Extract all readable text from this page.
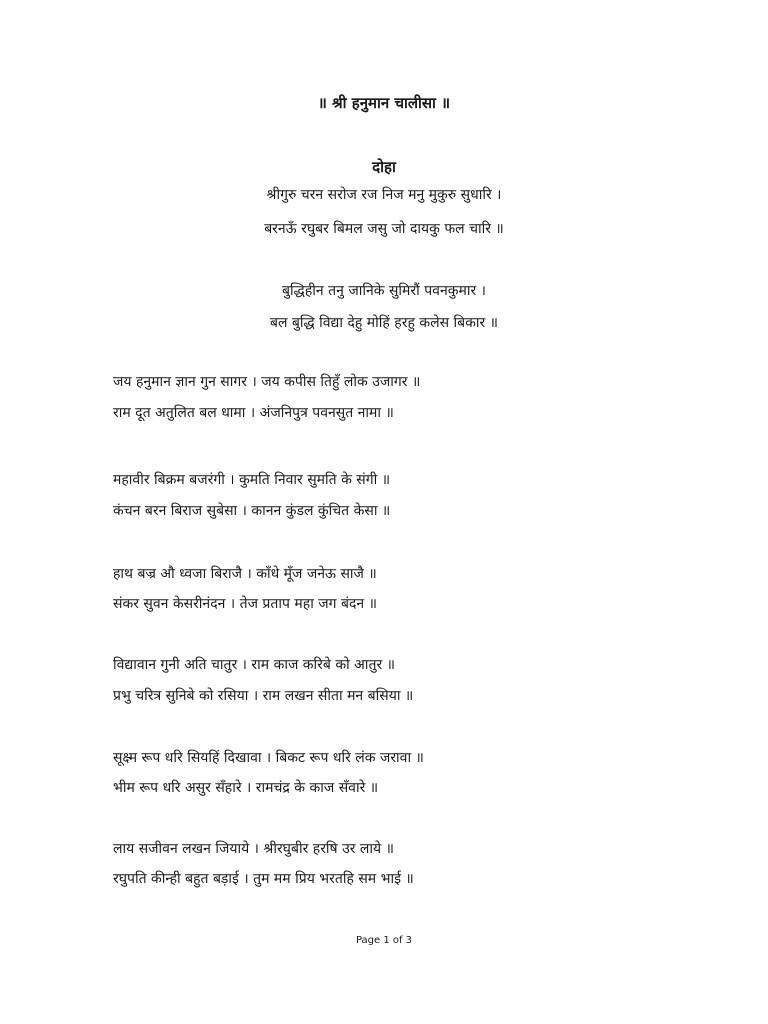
॥ श्री हनुमान चालीसा ॥
दोहा
श्रीगुरु चरन सरोज रज निज मनु मुकुरु सुधारि ।
बरनऊँ रघुबर बिमल जसु जो दायकु फल चारि ॥
बुद्धिहीन तनु जानिके सुमिरौं पवनकुमार ।
बल बुद्धि विद्या देहु मोहिं हरहु कलेस बिकार ॥
जय हनुमान ज्ञान गुन सागर । जय कपीस तिहुँ लोक उजागर ॥
राम दूत अतुलित बल धामा । अंजनिपुत्र पवनसुत नामा ॥
महावीर बिक्रम बजरंगी । कुमति निवार सुमति के संगी ॥
कंचन बरन बिराज सुबेसा । कानन कुंडल कुंचित केसा ॥
हाथ बज्र औ ध्वजा बिराजै । काँधे मूँज जनेऊ साजै ॥
संकर सुवन केसरीनंदन । तेज प्रताप महा जग बंदन ॥
विद्यावान गुनी अति चातुर । राम काज करिबे को आतुर ॥
प्रभु चरित्र सुनिबे को रसिया । राम लखन सीता मन बसिया ॥
सूक्ष्म रूप धरि सियहिं दिखावा । बिकट रूप धरि लंक जरावा ॥
भीम रूप धरि असुर सँहारे । रामचंद्र के काज सँवारे ॥
लाय सजीवन लखन जियाये । श्रीरघुबीर हरषि उर लाये ॥
रघुपति कीन्ही बहुत बड़ाई । तुम मम प्रिय भरतहि सम भाई ॥
Page 1 of 3
